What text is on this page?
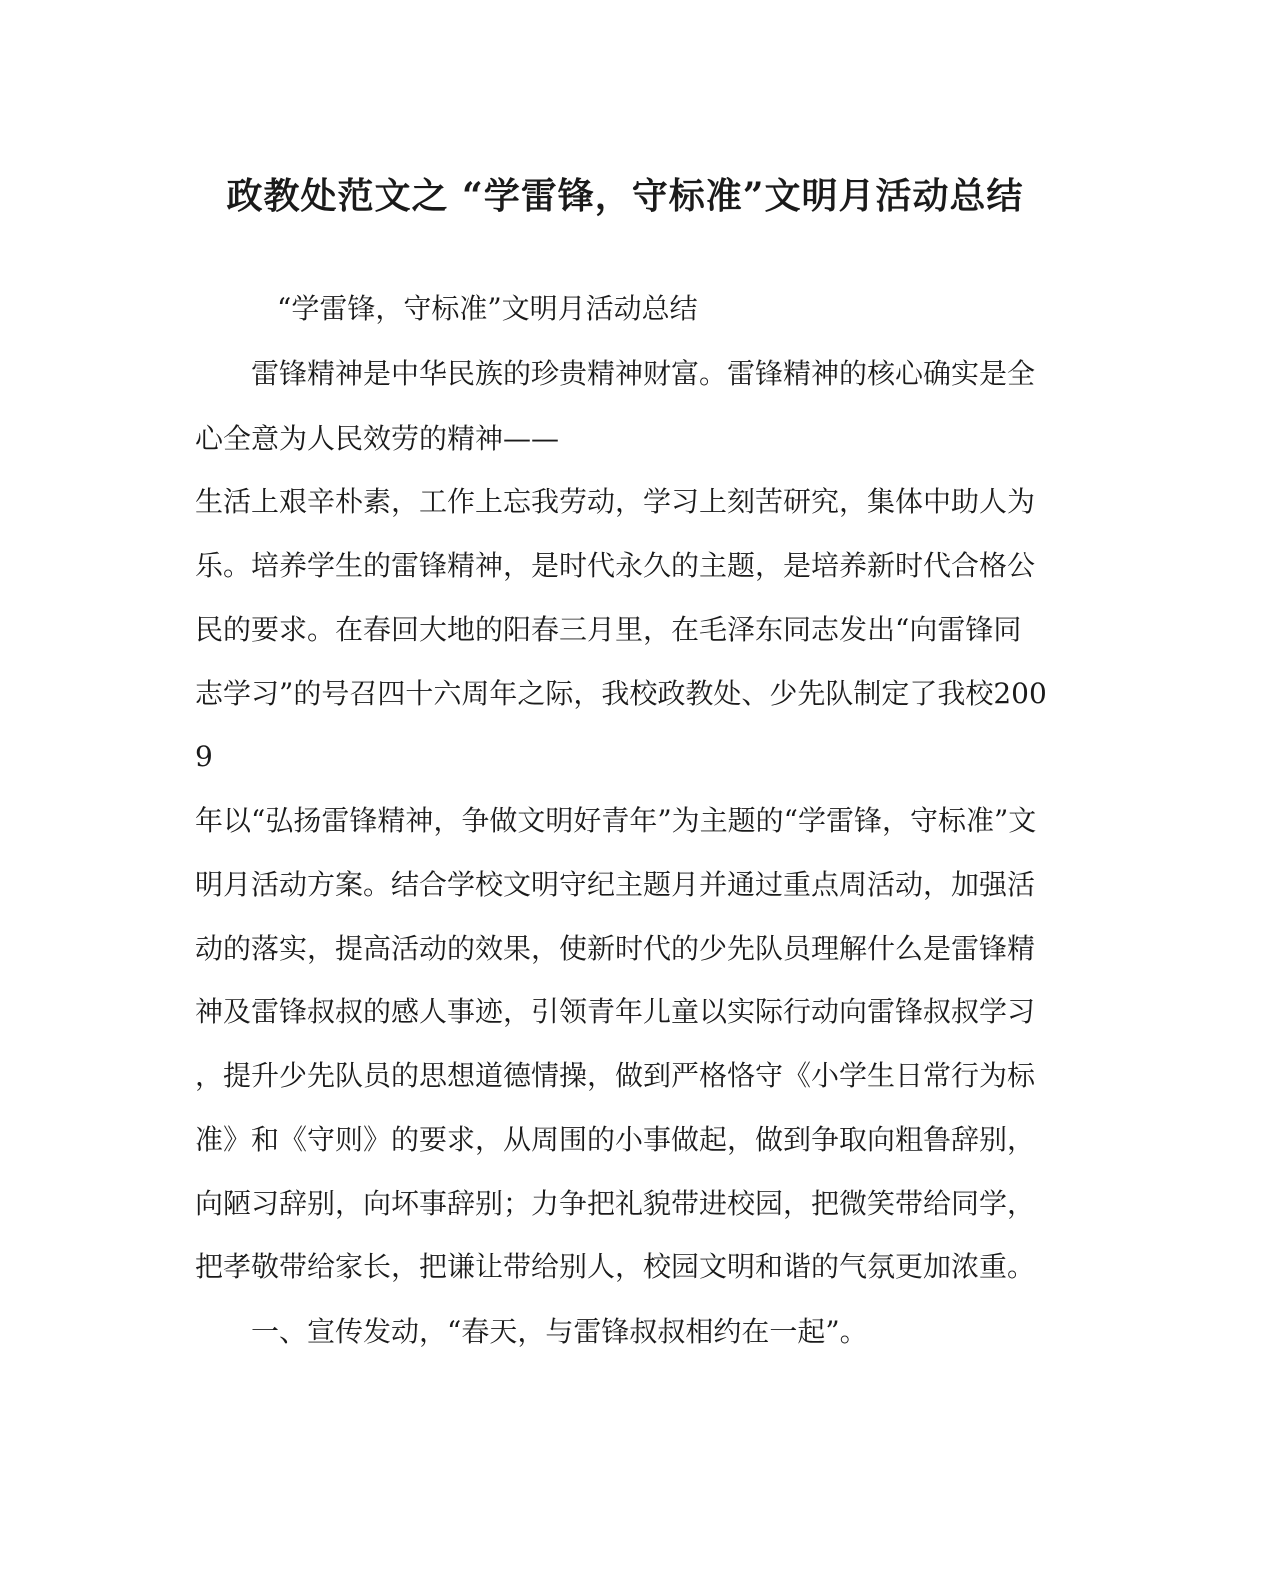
政教处范文之 “学雷锋，守标准”文明月活动总结
“学雷锋，守标准”文明月活动总结
雷锋精神是中华民族的珍贵精神财富。雷锋精神的核心确实是全
心全意为人民效劳的精神——
生活上艰辛朴素，工作上忘我劳动，学习上刻苦研究，集体中助人为
乐。培养学生的雷锋精神，是时代永久的主题，是培养新时代合格公
民的要求。在春回大地的阳春三月里，在毛泽东同志发出“向雷锋同
志学习”的号召四十六周年之际，我校政教处、少先队制定了我校200
9
年以“弘扬雷锋精神，争做文明好青年”为主题的“学雷锋，守标准”文
明月活动方案。结合学校文明守纪主题月并通过重点周活动，加强活
动的落实，提高活动的效果，使新时代的少先队员理解什么是雷锋精
神及雷锋叔叔的感人事迹，引领青年儿童以实际行动向雷锋叔叔学习
，提升少先队员的思想道德情操，做到严格恪守《小学生日常行为标
准》和《守则》的要求，从周围的小事做起，做到争取向粗鲁辞别，
向陋习辞别，向坏事辞别；力争把礼貌带进校园，把微笑带给同学，
把孝敬带给家长，把谦让带给别人，校园文明和谐的气氛更加浓重。
一、宣传发动，“春天，与雷锋叔叔相约在一起”。
